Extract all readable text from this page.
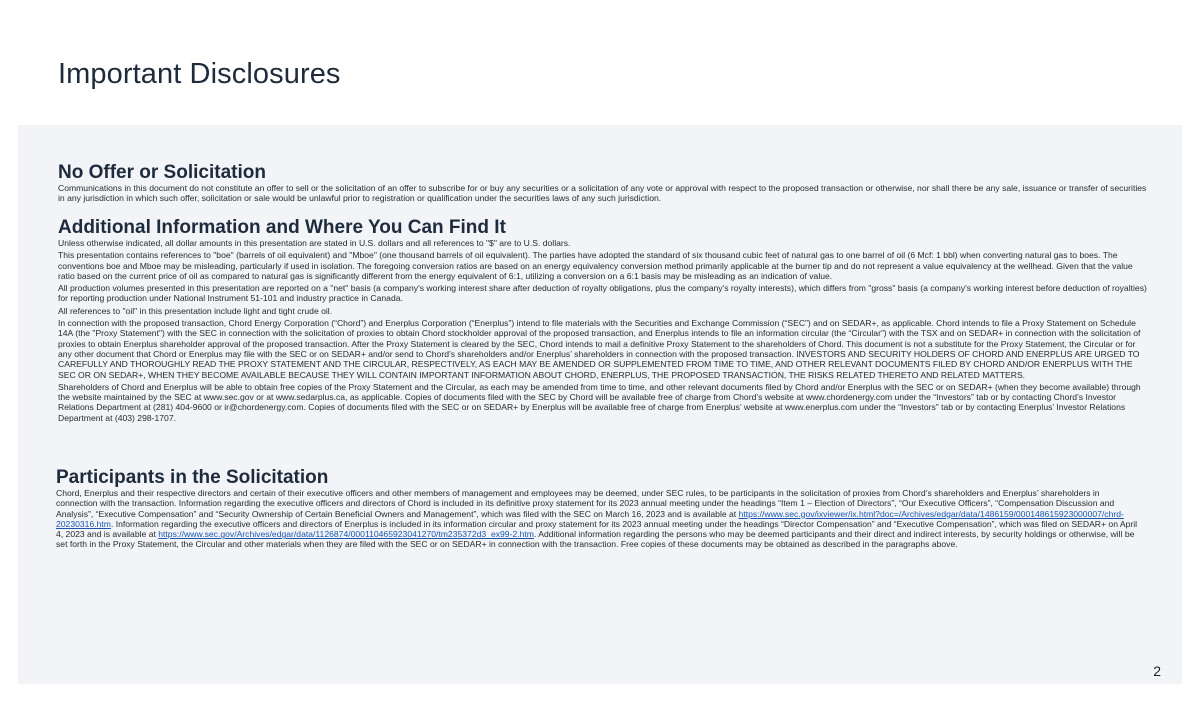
Important Disclosures
No Offer or Solicitation

Communications in this document do not constitute an offer to sell or the solicitation of an offer to subscribe for or buy any securities or a solicitation of any vote or approval with respect to the proposed transaction or otherwise, nor shall there be any sale, issuance or transfer of securities in any jurisdiction in which such offer, solicitation or sale would be unlawful prior to registration or qualification under the securities laws of any such jurisdiction.

Additional Information and Where You Can Find It

Unless otherwise indicated, all dollar amounts in this presentation are stated in U.S. dollars and all references to "$" are to U.S. dollars.

This presentation contains references to "boe" (barrels of oil equivalent) and "Mboe" (one thousand barrels of oil equivalent). The parties have adopted the standard of six thousand cubic feet of natural gas to one barrel of oil (6 Mcf: 1 bbl) when converting natural gas to boes. The conventions boe and Mboe may be misleading, particularly if used in isolation. The foregoing conversion ratios are based on an energy equivalency conversion method primarily applicable at the burner tip and do not represent a value equivalency at the wellhead. Given that the value ratio based on the current price of oil as compared to natural gas is significantly different from the energy equivalent of 6:1, utilizing a conversion on a 6:1 basis may be misleading as an indication of value.

All production volumes presented in this presentation are reported on a "net" basis (a company's working interest share after deduction of royalty obligations, plus the company's royalty interests), which differs from "gross" basis (a company's working interest before deduction of royalties) for reporting production under National Instrument 51-101 and industry practice in Canada.

All references to "oil" in this presentation include light and tight crude oil.

In connection with the proposed transaction, Chord Energy Corporation (“Chord”) and Enerplus Corporation (“Enerplus”) intend to file materials with the Securities and Exchange Commission (“SEC”) and on SEDAR+, as applicable. Chord intends to file a Proxy Statement on Schedule 14A (the "Proxy Statement") with the SEC in connection with the solicitation of proxies to obtain Chord stockholder approval of the proposed transaction, and Enerplus intends to file an information circular (the “Circular”) with the TSX and on SEDAR+ in connection with the solicitation of proxies to obtain Enerplus shareholder approval of the proposed transaction. After the Proxy Statement is cleared by the SEC, Chord intends to mail a definitive Proxy Statement to the shareholders of Chord. This document is not a substitute for the Proxy Statement, the Circular or for any other document that Chord or Enerplus may file with the SEC or on SEDAR+ and/or send to Chord’s shareholders and/or Enerplus’ shareholders in connection with the proposed transaction. INVESTORS AND SECURITY HOLDERS OF CHORD AND ENERPLUS ARE URGED TO CAREFULLY AND THOROUGHLY READ THE PROXY STATEMENT AND THE CIRCULAR, RESPECTIVELY, AS EACH MAY BE AMENDED OR SUPPLEMENTED FROM TIME TO TIME, AND OTHER RELEVANT DOCUMENTS FILED BY CHORD AND/OR ENERPLUS WITH THE SEC OR ON SEDAR+, WHEN THEY BECOME AVAILABLE BECAUSE THEY WILL CONTAIN IMPORTANT INFORMATION ABOUT CHORD, ENERPLUS, THE PROPOSED TRANSACTION, THE RISKS RELATED THERETO AND RELATED MATTERS.

Shareholders of Chord and Enerplus will be able to obtain free copies of the Proxy Statement and the Circular, as each may be amended from time to time, and other relevant documents filed by Chord and/or Enerplus with the SEC or on SEDAR+ (when they become available) through the website maintained by the SEC at www.sec.gov or at www.sedarplus.ca, as applicable. Copies of documents filed with the SEC by Chord will be available free of charge from Chord’s website at www.chordenergy.com under the “Investors” tab or by contacting Chord’s Investor Relations Department at (281) 404-9600 or ir@chordenergy.com. Copies of documents filed with the SEC or on SEDAR+ by Enerplus will be available free of charge from Enerplus’ website at www.enerplus.com under the “Investors” tab or by contacting Enerplus’ Investor Relations Department at (403) 298-1707.

Participants in the Solicitation

Chord, Enerplus and their respective directors and certain of their executive officers and other members of management and employees may be deemed, under SEC rules, to be participants in the solicitation of proxies from Chord’s shareholders and Enerplus’ shareholders in connection with the transaction. Information regarding the executive officers and directors of Chord is included in its definitive proxy statement for its 2023 annual meeting under the headings “Item 1 – Election of Directors”, “Our Executive Officers”, “Compensation Discussion and Analysis”, “Executive Compensation” and “Security Ownership of Certain Beneficial Owners and Management”, which was filed with the SEC on March 16, 2023 and is available at https://www.sec.gov/ixviewer/ix.html?doc=/Archives/edgar/data/1486159/000148615923000007/chrd-20230316.htm. Information regarding the executive officers and directors of Enerplus is included in its information circular and proxy statement for its 2023 annual meeting under the headings “Director Compensation” and “Executive Compensation”, which was filed on SEDAR+ on April 4, 2023 and is available at https://www.sec.gov/Archives/edgar/data/1126874/000110465923041270/tm235372d3_ex99-2.htm. Additional information regarding the persons who may be deemed participants and their direct and indirect interests, by security holdings or otherwise, will be set forth in the Proxy Statement, the Circular and other materials when they are filed with the SEC or on SEDAR+ in connection with the transaction. Free copies of these documents may be obtained as described in the paragraphs above.

2
